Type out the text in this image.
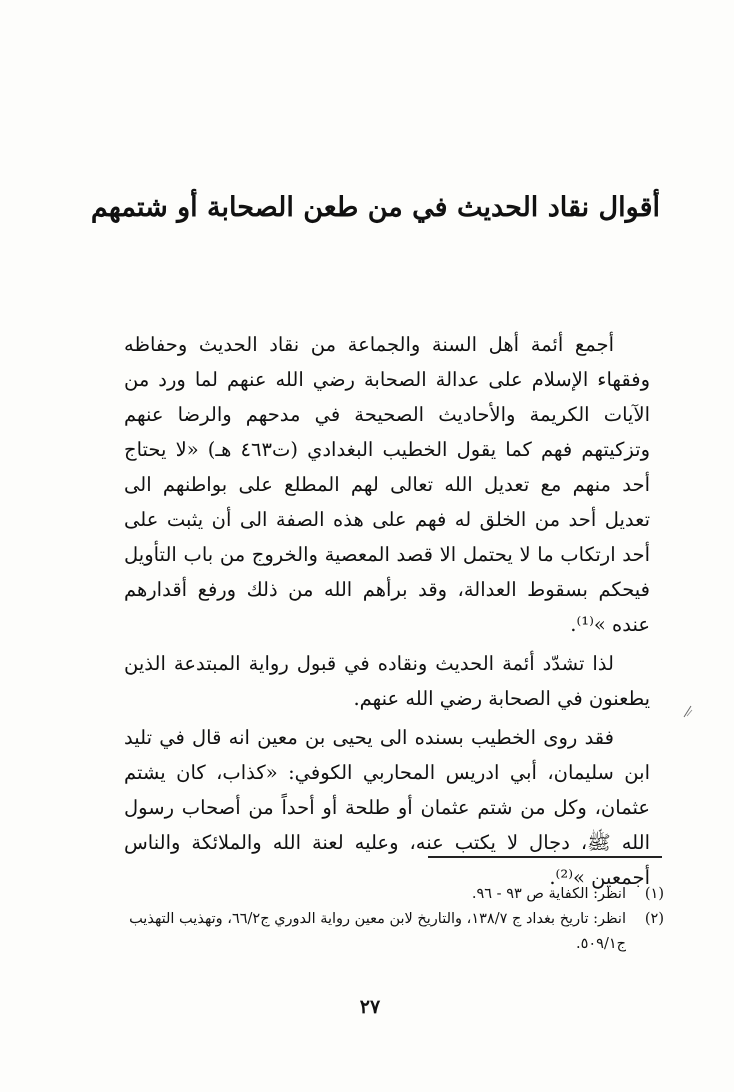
أقوال نقاد الحديث في من طعن الصحابة أو شتمهم

أجمع أئمة أهل السنة والجماعة من نقاد الحديث وحفاظه وفقهاء الإسلام على عدالة الصحابة رضي الله عنهم لما ورد من الآيات الكريمة والأحاديث الصحيحة في مدحهم والرضا عنهم وتزكيتهم فهم كما يقول الخطيب البغدادي (ت٤٦٣ هـ) «لا يحتاج أحد منهم مع تعديل الله تعالى لهم المطلع على بواطنهم الى تعديل أحد من الخلق له فهم على هذه الصفة الى أن يثبت على أحد ارتكاب ما لا يحتمل الا قصد المعصية والخروج من باب التأويل فيحكم بسقوط العدالة، وقد برأهم الله من ذلك ورفع أقدارهم عنده »⁽¹⁾.

لذا تشدّد أئمة الحديث ونقاده في قبول رواية المبتدعة الذين يطعنون في الصحابة رضي الله عنهم.

فقد روى الخطيب بسنده الى يحيى بن معين انه قال في تليد ابن سليمان، أبي ادريس المحاربي الكوفي: «كذاب، كان يشتم عثمان، وكل من شتم عثمان أو طلحة أو أحداً من أصحاب رسول الله ﷺ، دجال لا يكتب عنه، وعليه لعنة الله والملائكة والناس أجمعين »⁽²⁾.

(١)
انظر: الكفاية ص ٩٣ - ٩٦.
(٢)
انظر: تاريخ بغداد ج ١٣٨/٧، والتاريخ لابن معين رواية الدوري ج٦٦/٢، وتهذيب التهذيب ج٥٠٩/١.
٢٧
